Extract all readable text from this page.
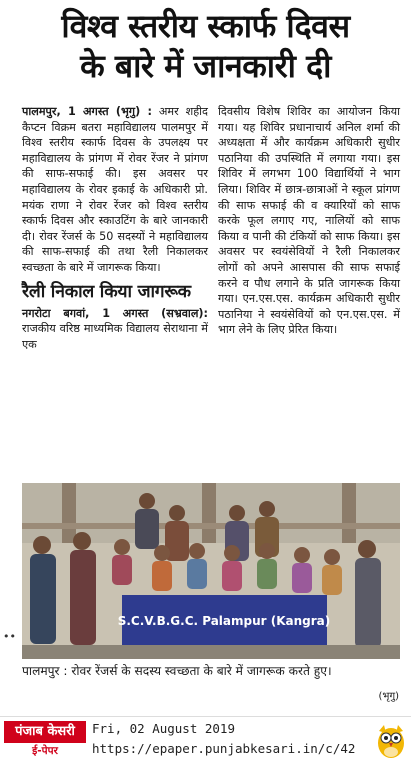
विश्व स्तरीय स्कार्फ दिवस
के बारे में जानकारी दी

पालमपुर, 1 अगस्त (भृगु) : अमर शहीद कैप्टन विक्रम बतरा महाविद्यालय पालमपुर में विश्व स्तरीय स्कार्फ दिवस के उपलक्ष्य पर महाविद्यालय के प्रांगण में रोवर रेंजर ने प्रांगण की साफ-सफाई की। इस अवसर पर महाविद्यालय के रोवर इकाई के अधिकारी प्रो. मयंक राणा ने रोवर रेंजर को विश्व स्तरीय स्कार्फ दिवस और स्काउटिंग के बारे जानकारी दी। रोवर रेंजर्स के 50 सदस्यों ने महाविद्यालय की साफ-सफाई की तथा रैली निकालकर स्वच्छता के बारे में जागरूक किया।

रैली निकाल किया जागरूक

नगरोटा बगवां, 1 अगस्त (सभ्रवाल): राजकीय वरिष्ठ माध्यमिक विद्यालय सेराथाना में एक

दिवसीय विशेष शिविर का आयोजन किया गया। यह शिविर प्रधानाचार्य अनिल शर्मा की अध्यक्षता में और कार्यक्रम अधिकारी सुधीर पठानिया की उपस्थिति में लगाया गया। इस शिविर में लगभग 100 विद्यार्थियों ने भाग लिया। शिविर में छात्र-छात्राओं ने स्कूल प्रांगण की साफ सफाई की व क्यारियों को साफ करके फूल लगाए गए, नालियों को साफ किया व पानी की टंकियों को साफ किया। इस अवसर पर स्वयंसेवियों ने रैली निकालकर लोगों को अपने आसपास की साफ सफाई करने व पौध लगाने के प्रति जागरूक किया गया। एन.एस.एस. कार्यक्रम अधिकारी सुधीर पठानिया ने स्वयंसेवियों को एन.एस.एस. में भाग लेने के लिए प्रेरित किया।

S.C.V.B.G.C. Palampur (Kangra)
••
पालमपुर : रोवर रेंजर्स के सदस्य स्वच्छता के बारे में जागरूक करते हुए।
(भृगु)
पंजाब केसरी
ई-पेपर
Fri, 02 August 2019
https://epaper.punjabkesari.in/c/42
